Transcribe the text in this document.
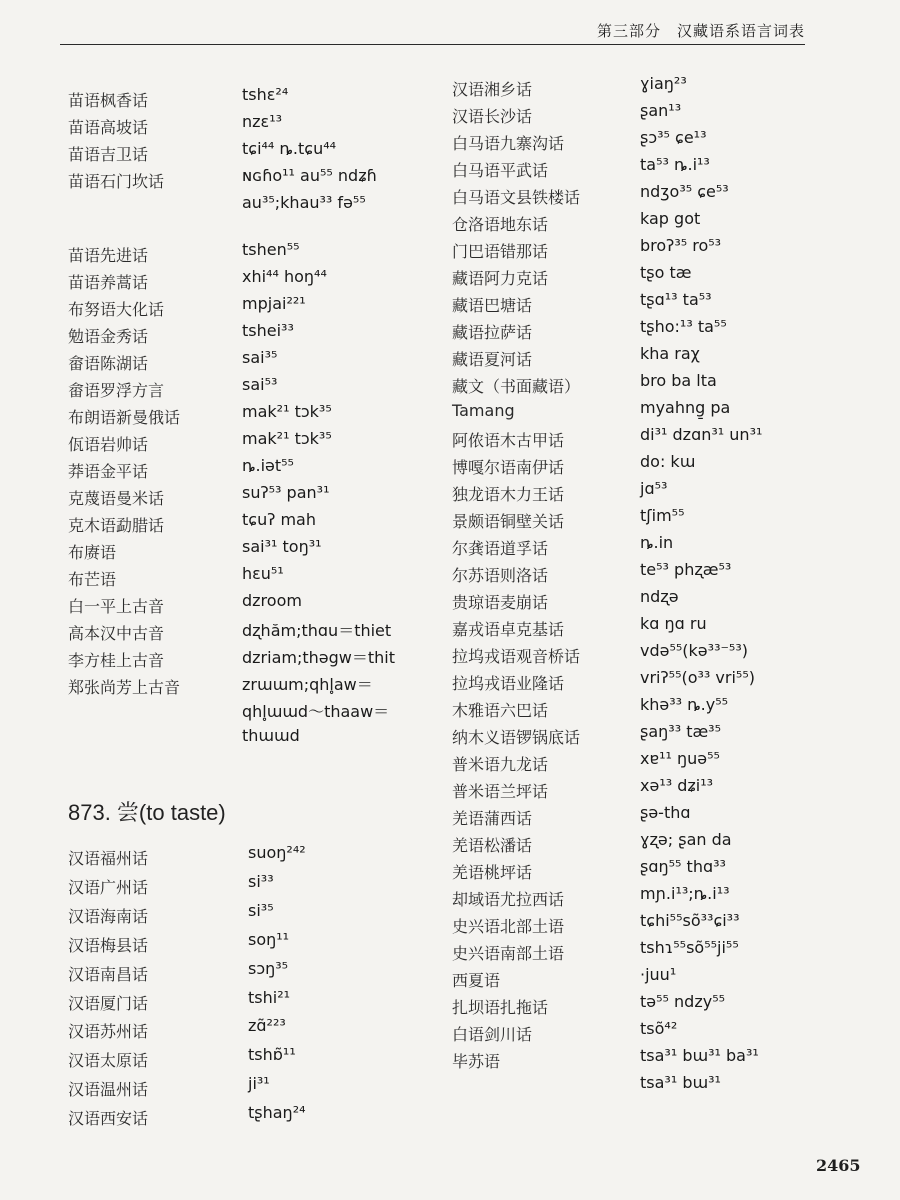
第三部分　汉藏语系语言词表
苗语枫香话	tshɛ²⁴
苗语高坡话	nzɛ¹³
苗语吉卫话	tɕi⁴⁴ ȵ.tɕu⁴⁴
苗语石门坎话	ɴɢɦo¹¹ au⁵⁵ ndʑɦ
au³⁵;khau³³ fə⁵⁵
苗语先进话	tshen⁵⁵
苗语养蒿话	xhi⁴⁴ hoŋ⁴⁴
布努语大化话	mpjai²²¹
勉语金秀话	tshei³³
畲语陈湖话	sai³⁵
畲语罗浮方言	sai⁵³
布朗语新曼俄话	mak²¹ tɔk³⁵
佤语岩帅话	mak²¹ tɔk³⁵
莽语金平话	ȵ.iət⁵⁵
克蔑语曼米话	suʔ⁵³ pan³¹
克木语勐腊话	tɕuʔ mah
布赓语	sai³¹ toŋ³¹
布芒语	hɛu⁵¹
白一平上古音	dzroom
高本汉中古音	dʐhăm;thɑu＝thiet
李方桂上古音	dzriam;thəgw＝thit
郑张尚芳上古音	zrɯɯm;qhl̥aw＝
qhl̥ɯɯd～thaaw＝
thɯɯd
873. 尝(to taste)
汉语福州话	suoŋ²⁴²
汉语广州话	si³³
汉语海南话	si³⁵
汉语梅县话	soŋ¹¹
汉语南昌话	sɔŋ³⁵
汉语厦门话	tshi²¹
汉语苏州话	zɑ̃²²³
汉语太原话	tshɒ̃¹¹
汉语温州话	ji³¹
汉语西安话	tʂhaŋ²⁴
汉语湘乡话	ɣiaŋ²³
汉语长沙话	ʂan¹³
白马语九寨沟话	ʂɔ³⁵ ɕe¹³
白马语平武话	ta⁵³ ȵ.i¹³
白马语文县铁楼话	ndʒo³⁵ ɕe⁵³
仓洛语地东话	kap got
门巴语错那话	broʔ³⁵ ro⁵³
藏语阿力克话	tʂo tæ
藏语巴塘话	tʂɑ¹³ ta⁵³
藏语拉萨话	tʂho:¹³ ta⁵⁵
藏语夏河话	kha raχ
藏文（书面藏语）	bro ba lta
Tamang	myahng̱ pa
阿侬语木古甲话	di³¹ dzɑn³¹ un³¹
博嘎尔语南伊话	do: kɯ
独龙语木力王话	jɑ⁵³
景颇语铜壁关话	tʃim⁵⁵
尔龚语道孚话	ȵ.in
尔苏语则洛话	te⁵³ phʐæ⁵³
贵琼语麦崩话	ndʐə
嘉戎语卓克基话	kɑ ŋɑ ru
拉坞戎语观音桥话	vdə⁵⁵(kə³³⁻⁵³)
拉坞戎语业隆话	vriʔ⁵⁵(o³³ vri⁵⁵)
木雅语六巴话	khə³³ ȵ.y⁵⁵
纳木义语锣锅底话	ʂaŋ³³ tæ³⁵
普米语九龙话	xɐ¹¹ ŋuə⁵⁵
普米语兰坪话	xə¹³ dʑi¹³
羌语蒲西话	ʂə-thɑ
羌语松潘话	ɣʐə; ʂan da
羌语桃坪话	ʂɑŋ⁵⁵ thɑ³³
却域语尤拉西话	mɲ.i¹³;ȵ.i¹³
史兴语北部土语	tɕhi⁵⁵sõ³³ɕi³³
史兴语南部土语	tshɿ⁵⁵sõ⁵⁵ji⁵⁵
西夏语	·juu¹
扎坝语扎拖话	tə⁵⁵ ndzy⁵⁵
白语剑川话	tsõ⁴²
毕苏语	tsa³¹ bɯ³¹ ba³¹
tsa³¹ bɯ³¹
2465
